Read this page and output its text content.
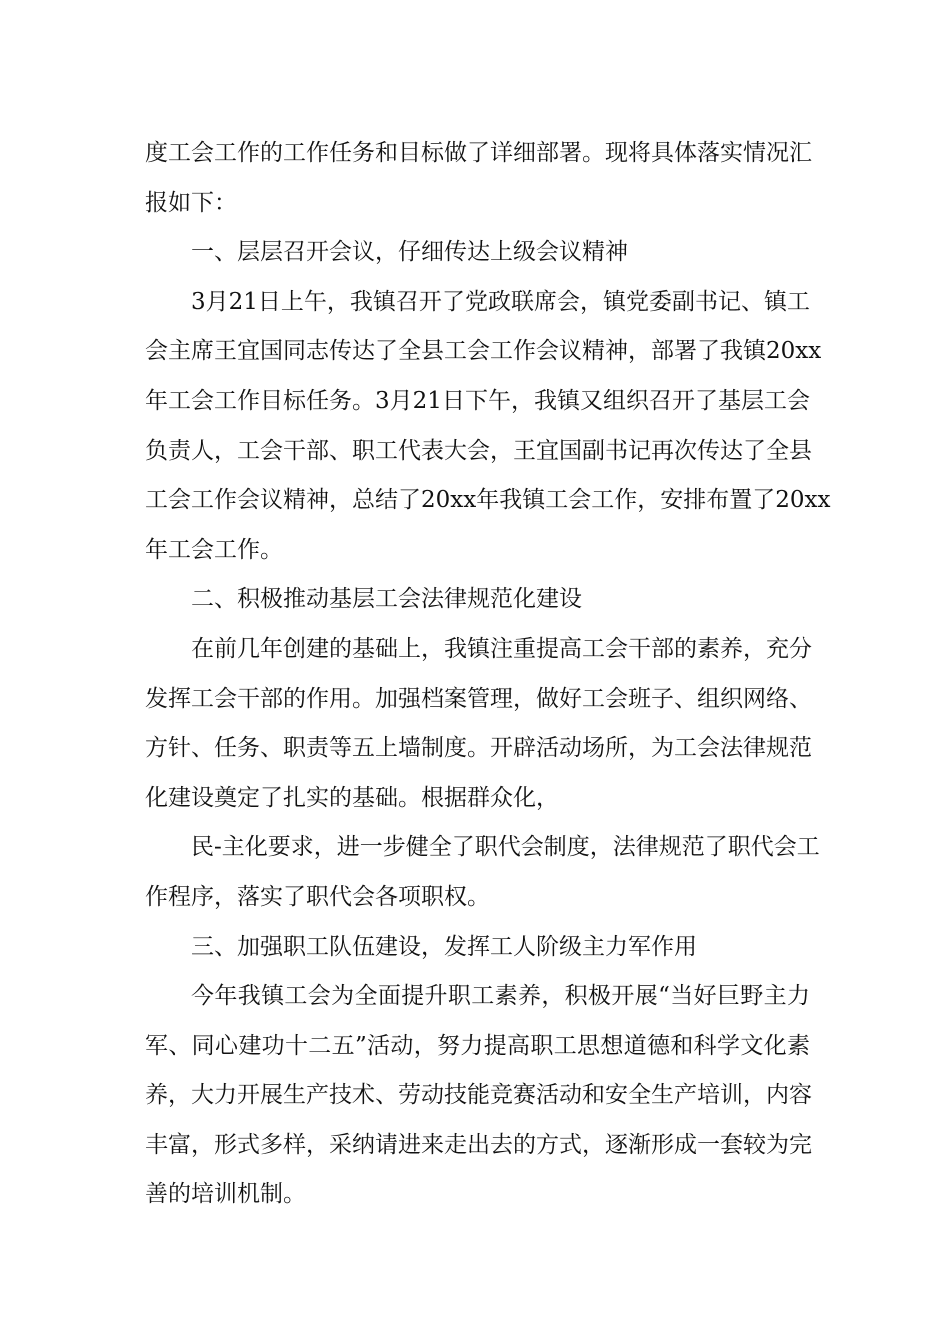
度工会工作的工作任务和目标做了详细部署。现将具体落实情况汇
报如下：
一、层层召开会议，仔细传达上级会议精神
3月21日上午，我镇召开了党政联席会，镇党委副书记、镇工
会主席王宜国同志传达了全县工会工作会议精神，部署了我镇20xx
年工会工作目标任务。3月21日下午，我镇又组织召开了基层工会
负责人，工会干部、职工代表大会，王宜国副书记再次传达了全县
工会工作会议精神，总结了20xx年我镇工会工作，安排布置了20xx
年工会工作。
二、积极推动基层工会法律规范化建设
在前几年创建的基础上，我镇注重提高工会干部的素养，充分
发挥工会干部的作用。加强档案管理，做好工会班子、组织网络、
方针、任务、职责等五上墙制度。开辟活动场所，为工会法律规范
化建设奠定了扎实的基础。根据群众化，
民-主化要求，进一步健全了职代会制度，法律规范了职代会工
作程序，落实了职代会各项职权。
三、加强职工队伍建设，发挥工人阶级主力军作用
今年我镇工会为全面提升职工素养，积极开展“当好巨野主力
军、同心建功十二五”活动，努力提高职工思想道德和科学文化素
养，大力开展生产技术、劳动技能竞赛活动和安全生产培训，内容
丰富，形式多样，采纳请进来走出去的方式，逐渐形成一套较为完
善的培训机制。
